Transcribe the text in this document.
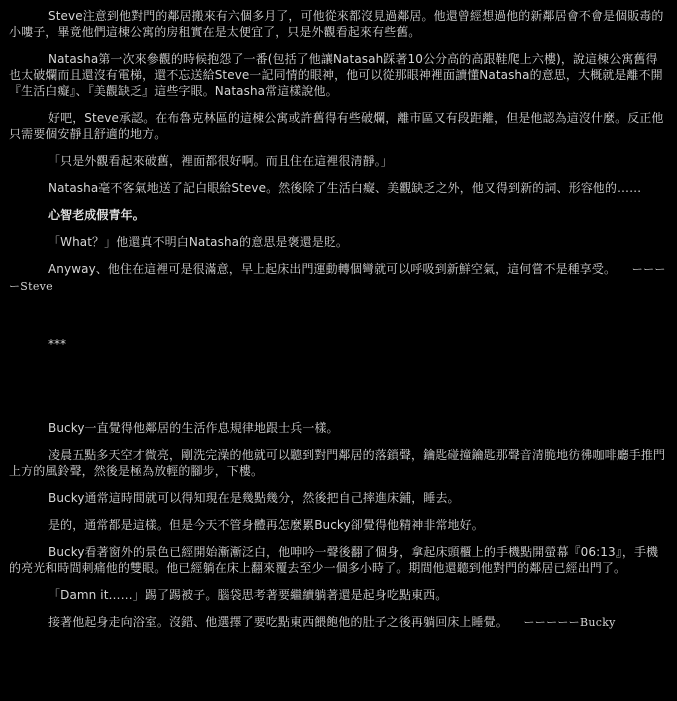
Steve注意到他對門的鄰居搬來有六個多月了，可他從來都沒見過鄰居。他還曾經想過他的新鄰居會不會是個販毒的小嘍子，畢竟他們這棟公寓的房租實在是太便宜了，只是外觀看起來有些舊。

Natasha第一次來參觀的時候抱怨了一番(包括了他讓Natasah踩著10公分高的高跟鞋爬上六樓)，說這棟公寓舊得也太破爛而且還沒有電梯，還不忘送給Steve一記同情的眼神，他可以從那眼神裡面讀懂Natasha的意思，大概就是離不開『生活白癡』、『美觀缺乏』這些字眼。Natasha常這樣說他。

好吧，Steve承認。在布魯克林區的這棟公寓或許舊得有些破爛，離市區又有段距離，但是他認為這沒什麼。反正他只需要個安靜且舒適的地方。

「只是外觀看起來破舊，裡面都很好啊。而且住在這裡很清靜。」

Natasha毫不客氣地送了記白眼給Steve。然後除了生活白癡、美觀缺乏之外，他又得到新的詞、形容他的……

心智老成假青年。

「What？」他還真不明白Natasha的意思是褒還是貶。

Anyway、他住在這裡可是很滿意，早上起床出門運動轉個彎就可以呼吸到新鮮空氣，這何嘗不是種享受。 ーーーーSteve

***

Bucky一直覺得他鄰居的生活作息規律地跟士兵一樣。

凌晨五點多天空才微亮，剛洗完澡的他就可以聽到對門鄰居的落鎖聲，鑰匙碰撞鑰匙那聲音清脆地彷彿咖啡廳手推門上方的風鈴聲，然後是極為放輕的腳步，下樓。

Bucky通常這時間就可以得知現在是幾點幾分，然後把自己摔進床鋪，睡去。

是的，通常都是這樣。但是今天不管身體再怎麼累Bucky卻覺得他精神非常地好。

Bucky看著窗外的景色已經開始漸漸泛白，他呻吟一聲後翻了個身，拿起床頭櫃上的手機點開螢幕『06:13』，手機的亮光和時間刺痛他的雙眼。他已經躺在床上翻來覆去至少一個多小時了。期間他還聽到他對門的鄰居已經出門了。

「Damn it……」踢了踢被子。腦袋思考著要繼續躺著還是起身吃點東西。

接著他起身走向浴室。沒錯、他選擇了要吃點東西餵飽他的肚子之後再躺回床上睡覺。 ーーーーーBucky
